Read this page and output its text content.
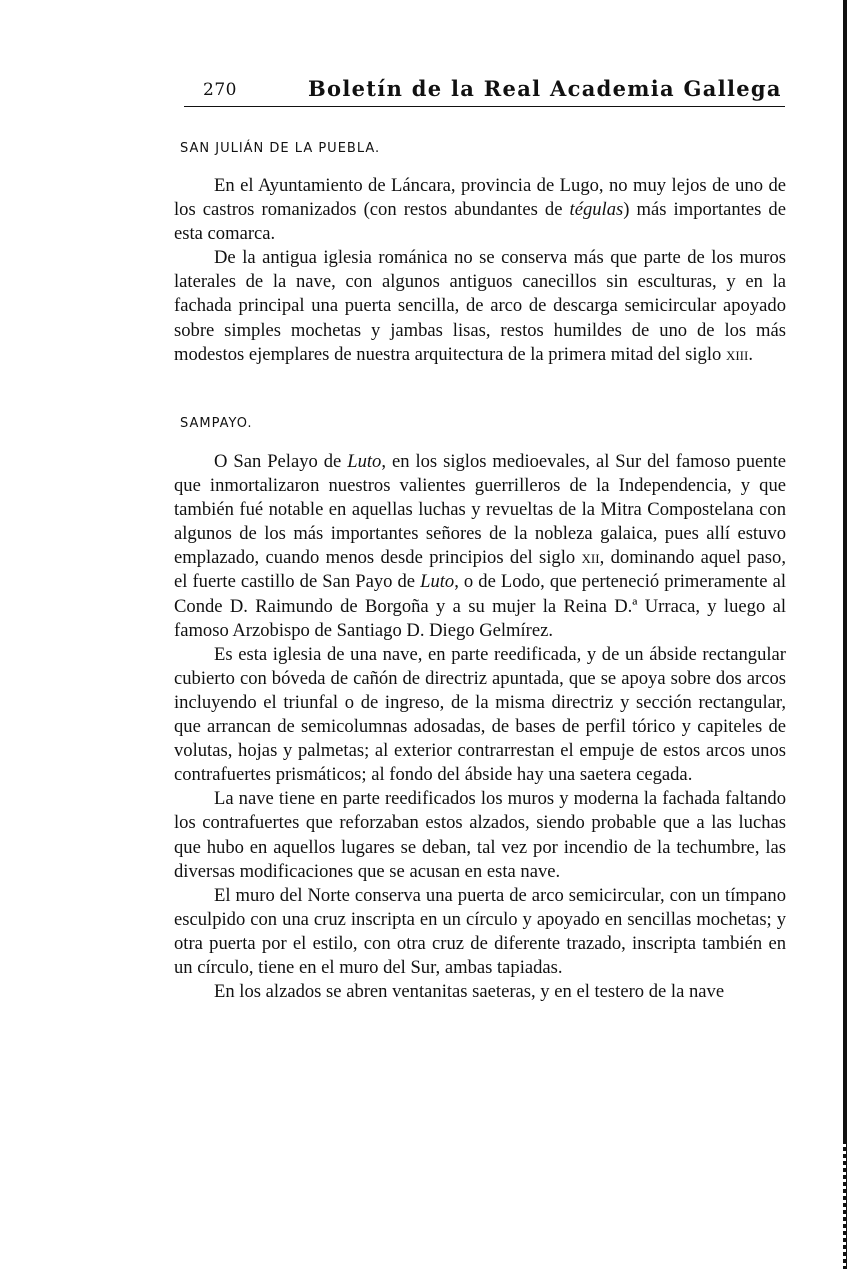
270	Boletín de la Real Academia Gallega
SAN JULIÁN DE LA PUEBLA.

En el Ayuntamiento de Láncara, provincia de Lugo, no muy lejos de uno de los castros romanizados (con restos abundantes de tégulas) más importantes de esta comarca.

De la antigua iglesia románica no se conserva más que parte de los muros laterales de la nave, con algunos antiguos canecillos sin esculturas, y en la fachada principal una puerta sencilla, de arco de descarga semicircular apoyado sobre simples mochetas y jambas lisas, restos humildes de uno de los más modestos ejemplares de nuestra arquitectura de la primera mitad del siglo xiii.

SAMPAYO.

O San Pelayo de Luto, en los siglos medioevales, al Sur del famoso puente que inmortalizaron nuestros valientes guerrilleros de la Independencia, y que también fué notable en aquellas luchas y revueltas de la Mitra Compostelana con algunos de los más importantes señores de la nobleza galaica, pues allí estuvo emplazado, cuando menos desde principios del siglo xii, dominando aquel paso, el fuerte castillo de San Payo de Luto, o de Lodo, que perteneció primeramente al Conde D. Raimundo de Borgoña y a su mujer la Reina D.ª Urraca, y luego al famoso Arzobispo de Santiago D. Diego Gelmírez.

Es esta iglesia de una nave, en parte reedificada, y de un ábside rectangular cubierto con bóveda de cañón de directriz apuntada, que se apoya sobre dos arcos incluyendo el triunfal o de ingreso, de la misma directriz y sección rectangular, que arrancan de semicolumnas adosadas, de bases de perfil tórico y capiteles de volutas, hojas y palmetas; al exterior contrarrestan el empuje de estos arcos unos contrafuertes prismáticos; al fondo del ábside hay una saetera cegada.

La nave tiene en parte reedificados los muros y moderna la fachada faltando los contrafuertes que reforzaban estos alzados, siendo probable que a las luchas que hubo en aquellos lugares se deban, tal vez por incendio de la techumbre, las diversas modificaciones que se acusan en esta nave.

El muro del Norte conserva una puerta de arco semicircular, con un tímpano esculpido con una cruz inscripta en un círculo y apoyado en sencillas mochetas; y otra puerta por el estilo, con otra cruz de diferente trazado, inscripta también en un círculo, tiene en el muro del Sur, ambas tapiadas.

En los alzados se abren ventanitas saeteras, y en el testero de la nave
